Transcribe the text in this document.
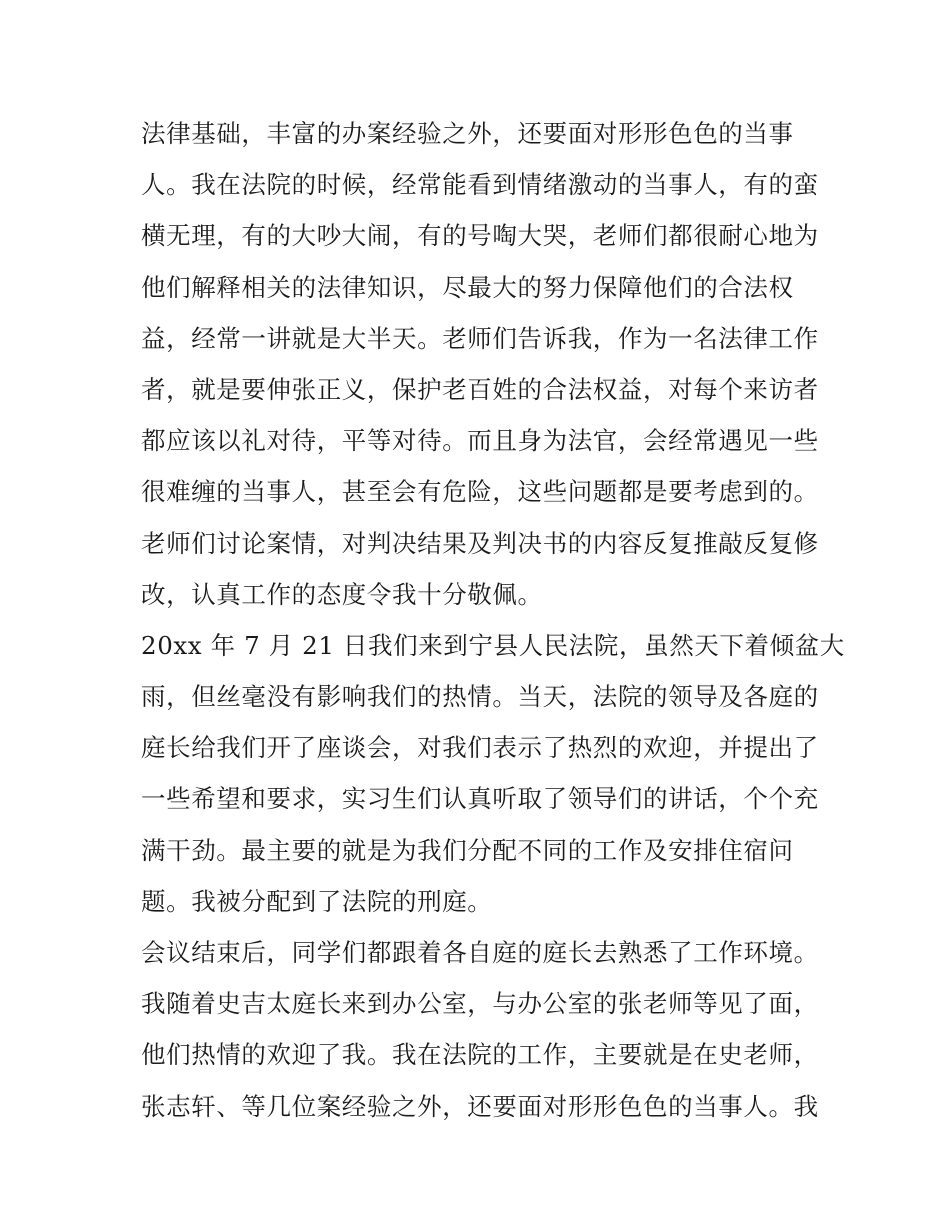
法律基础，丰富的办案经验之外，还要面对形形色色的当事
人。我在法院的时候，经常能看到情绪激动的当事人，有的蛮
横无理，有的大吵大闹，有的号啕大哭，老师们都很耐心地为
他们解释相关的法律知识，尽最大的努力保障他们的合法权
益，经常一讲就是大半天。老师们告诉我，作为一名法律工作
者，就是要伸张正义，保护老百姓的合法权益，对每个来访者
都应该以礼对待，平等对待。而且身为法官，会经常遇见一些
很难缠的当事人，甚至会有危险，这些问题都是要考虑到的。
老师们讨论案情，对判决结果及判决书的内容反复推敲反复修
改，认真工作的态度令我十分敬佩。
20xx 年 7 月 21 日我们来到宁县人民法院，虽然天下着倾盆大
雨，但丝毫没有影响我们的热情。当天，法院的领导及各庭的
庭长给我们开了座谈会，对我们表示了热烈的欢迎，并提出了
一些希望和要求，实习生们认真听取了领导们的讲话，个个充
满干劲。最主要的就是为我们分配不同的工作及安排住宿问
题。我被分配到了法院的刑庭。
会议结束后，同学们都跟着各自庭的庭长去熟悉了工作环境。
我随着史吉太庭长来到办公室，与办公室的张老师等见了面，
他们热情的欢迎了我。我在法院的工作，主要就是在史老师，
张志轩、等几位案经验之外，还要面对形形色色的当事人。我
